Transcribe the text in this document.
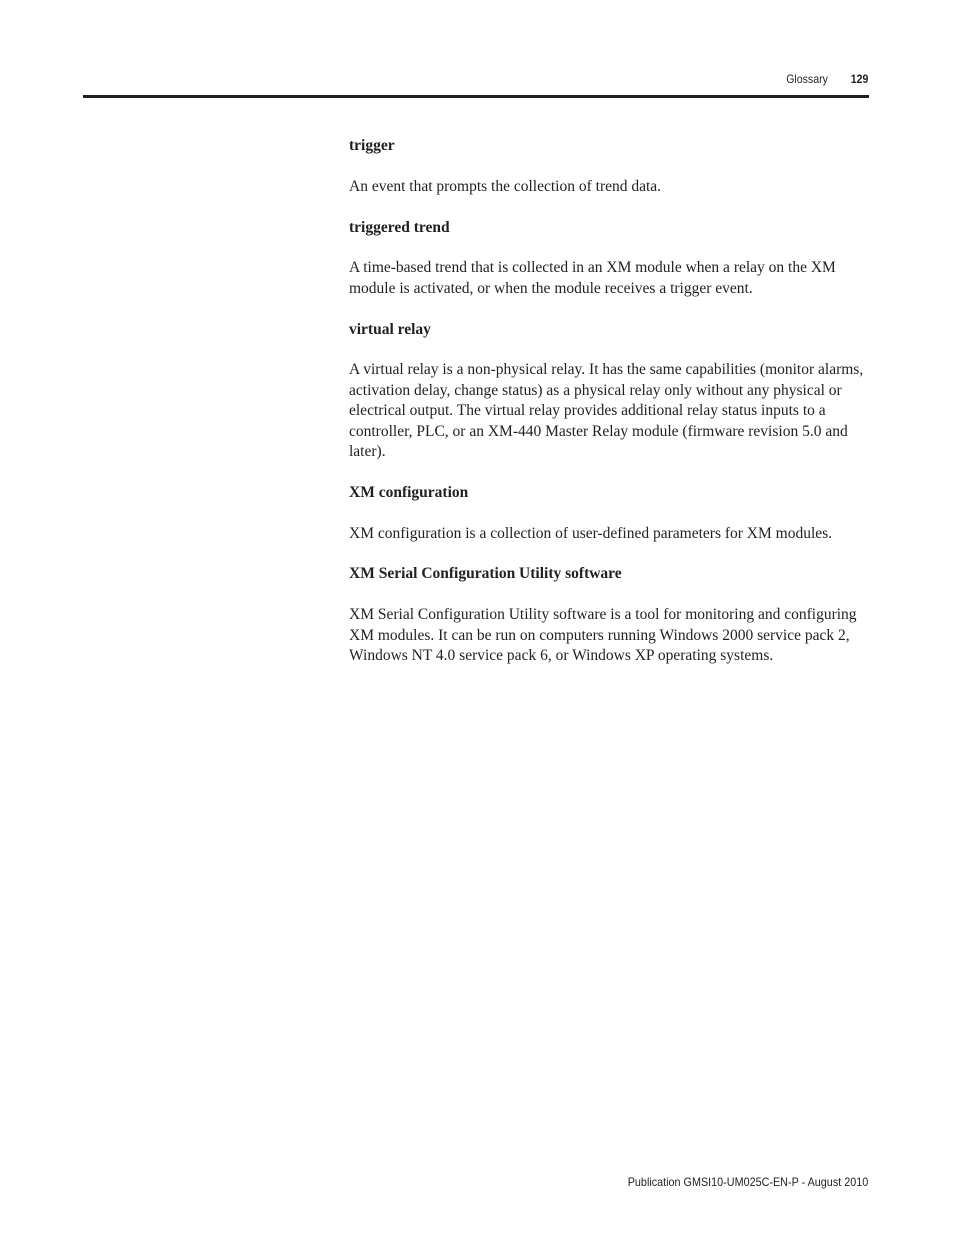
Glossary 129

trigger

An event that prompts the collection of trend data.

triggered trend

A time-based trend that is collected in an XM module when a relay on the XM module is activated, or when the module receives a trigger event.

virtual relay

A virtual relay is a non-physical relay. It has the same capabilities (monitor alarms, activation delay, change status) as a physical relay only without any physical or electrical output. The virtual relay provides additional relay status inputs to a controller, PLC, or an XM-440 Master Relay module (firmware revision 5.0 and later).

XM configuration

XM configuration is a collection of user-defined parameters for XM modules.

XM Serial Configuration Utility software

XM Serial Configuration Utility software is a tool for monitoring and configuring XM modules. It can be run on computers running Windows 2000 service pack 2, Windows NT 4.0 service pack 6, or Windows XP operating systems.

Publication GMSI10-UM025C-EN-P - August 2010
